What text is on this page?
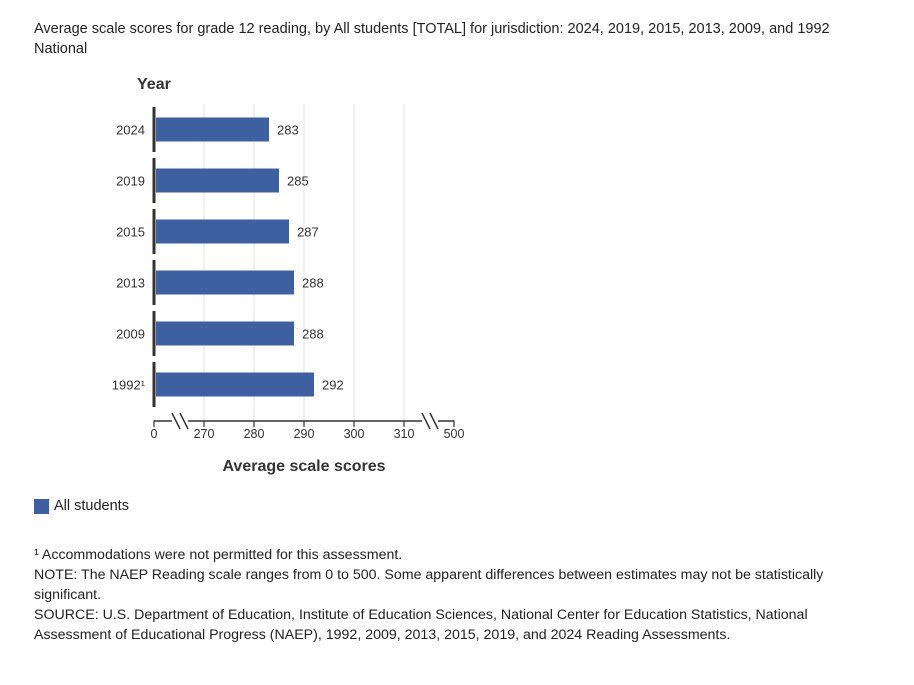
Average scale scores for grade 12 reading, by All students [TOTAL] for jurisdiction: 2024, 2019, 2015, 2013, 2009, and 1992
National
Year
2024	283
2019	285
2015	287
2013	288
2009	288
1992¹	292
0	270 280 290 300 310 500
Average scale scores
All students

¹ Accommodations were not permitted for this assessment.

NOTE: The NAEP Reading scale ranges from 0 to 500. Some apparent differences between estimates may not be statistically significant.

SOURCE: U.S. Department of Education, Institute of Education Sciences, National Center for Education Statistics, National Assessment of Educational Progress (NAEP), 1992, 2009, 2013, 2015, 2019, and 2024 Reading Assessments.
